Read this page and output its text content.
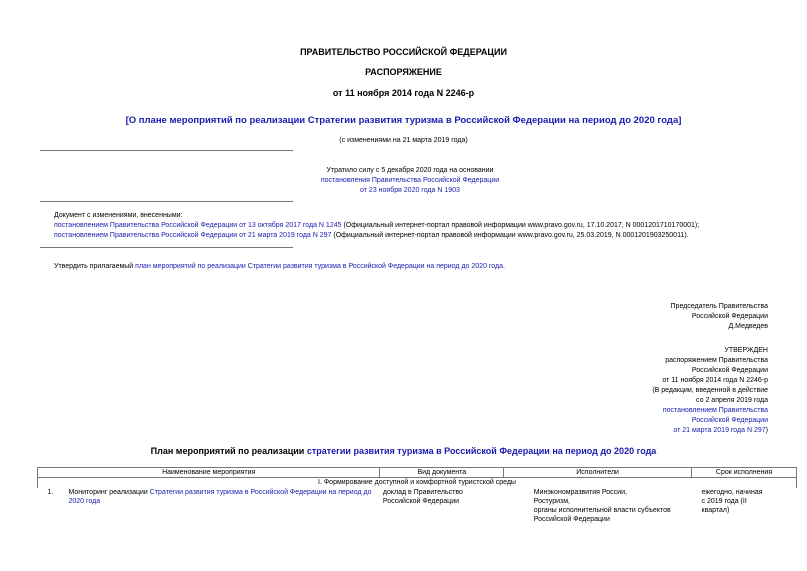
ПРАВИТЕЛЬСТВО РОССИЙСКОЙ ФЕДЕРАЦИИ
РАСПОРЯЖЕНИЕ
от 11 ноября 2014 года N 2246-р
[О плане мероприятий по реализации Стратегии развития туризма в Российской Федерации на период до 2020 года]
(с изменениями на 21 марта 2019 года)
Утратило силу с 5 декабря 2020 года на основании
постановления Правительства Российской Федерации
от 23 ноября 2020 года N 1903
Документ с изменениями, внесенными:
постановлением Правительства Российской Федерации от 13 октября 2017 года N 1245 (Официальный интернет-портал правовой информации www.pravo.gov.ru, 17.10.2017, N 0001201710170001);
постановлением Правительства Российской Федерации от 21 марта 2019 года N 297 (Официальный интернет-портал правовой информации www.pravo.gov.ru, 25.03.2019, N 0001201903250011).
Утвердить прилагаемый план мероприятий по реализации Стратегии развития туризма в Российской Федерации на период до 2020 года.
Председатель Правительства
Российской Федерации
Д.Медведев
УТВЕРЖДЕН
распоряжением Правительства
Российской Федерации
от 11 ноября 2014 года N 2246-р
(В редакции, введенной в действие
со 2 апреля 2019 года
постановлением Правительства
Российской Федерации
от 21 марта 2019 года N 297)
План мероприятий по реализации стратегии развития туризма в Российской Федерации на период до 2020 года
Наименование мероприятия		Вид документа	Исполнители	Срок исполнения
I. Формирование доступной и комфортной туристской среды				
1.	Мониторинг реализации Стратегии развития туризма в Российской Федерации на период до 2020 года	доклад в Правительство Российской Федерации	Минэкономразвития России,
Ростуризм,
органы исполнительной власти субъектов Российской Федерации	ежегодно, начиная с 2019 года (II квартал)
